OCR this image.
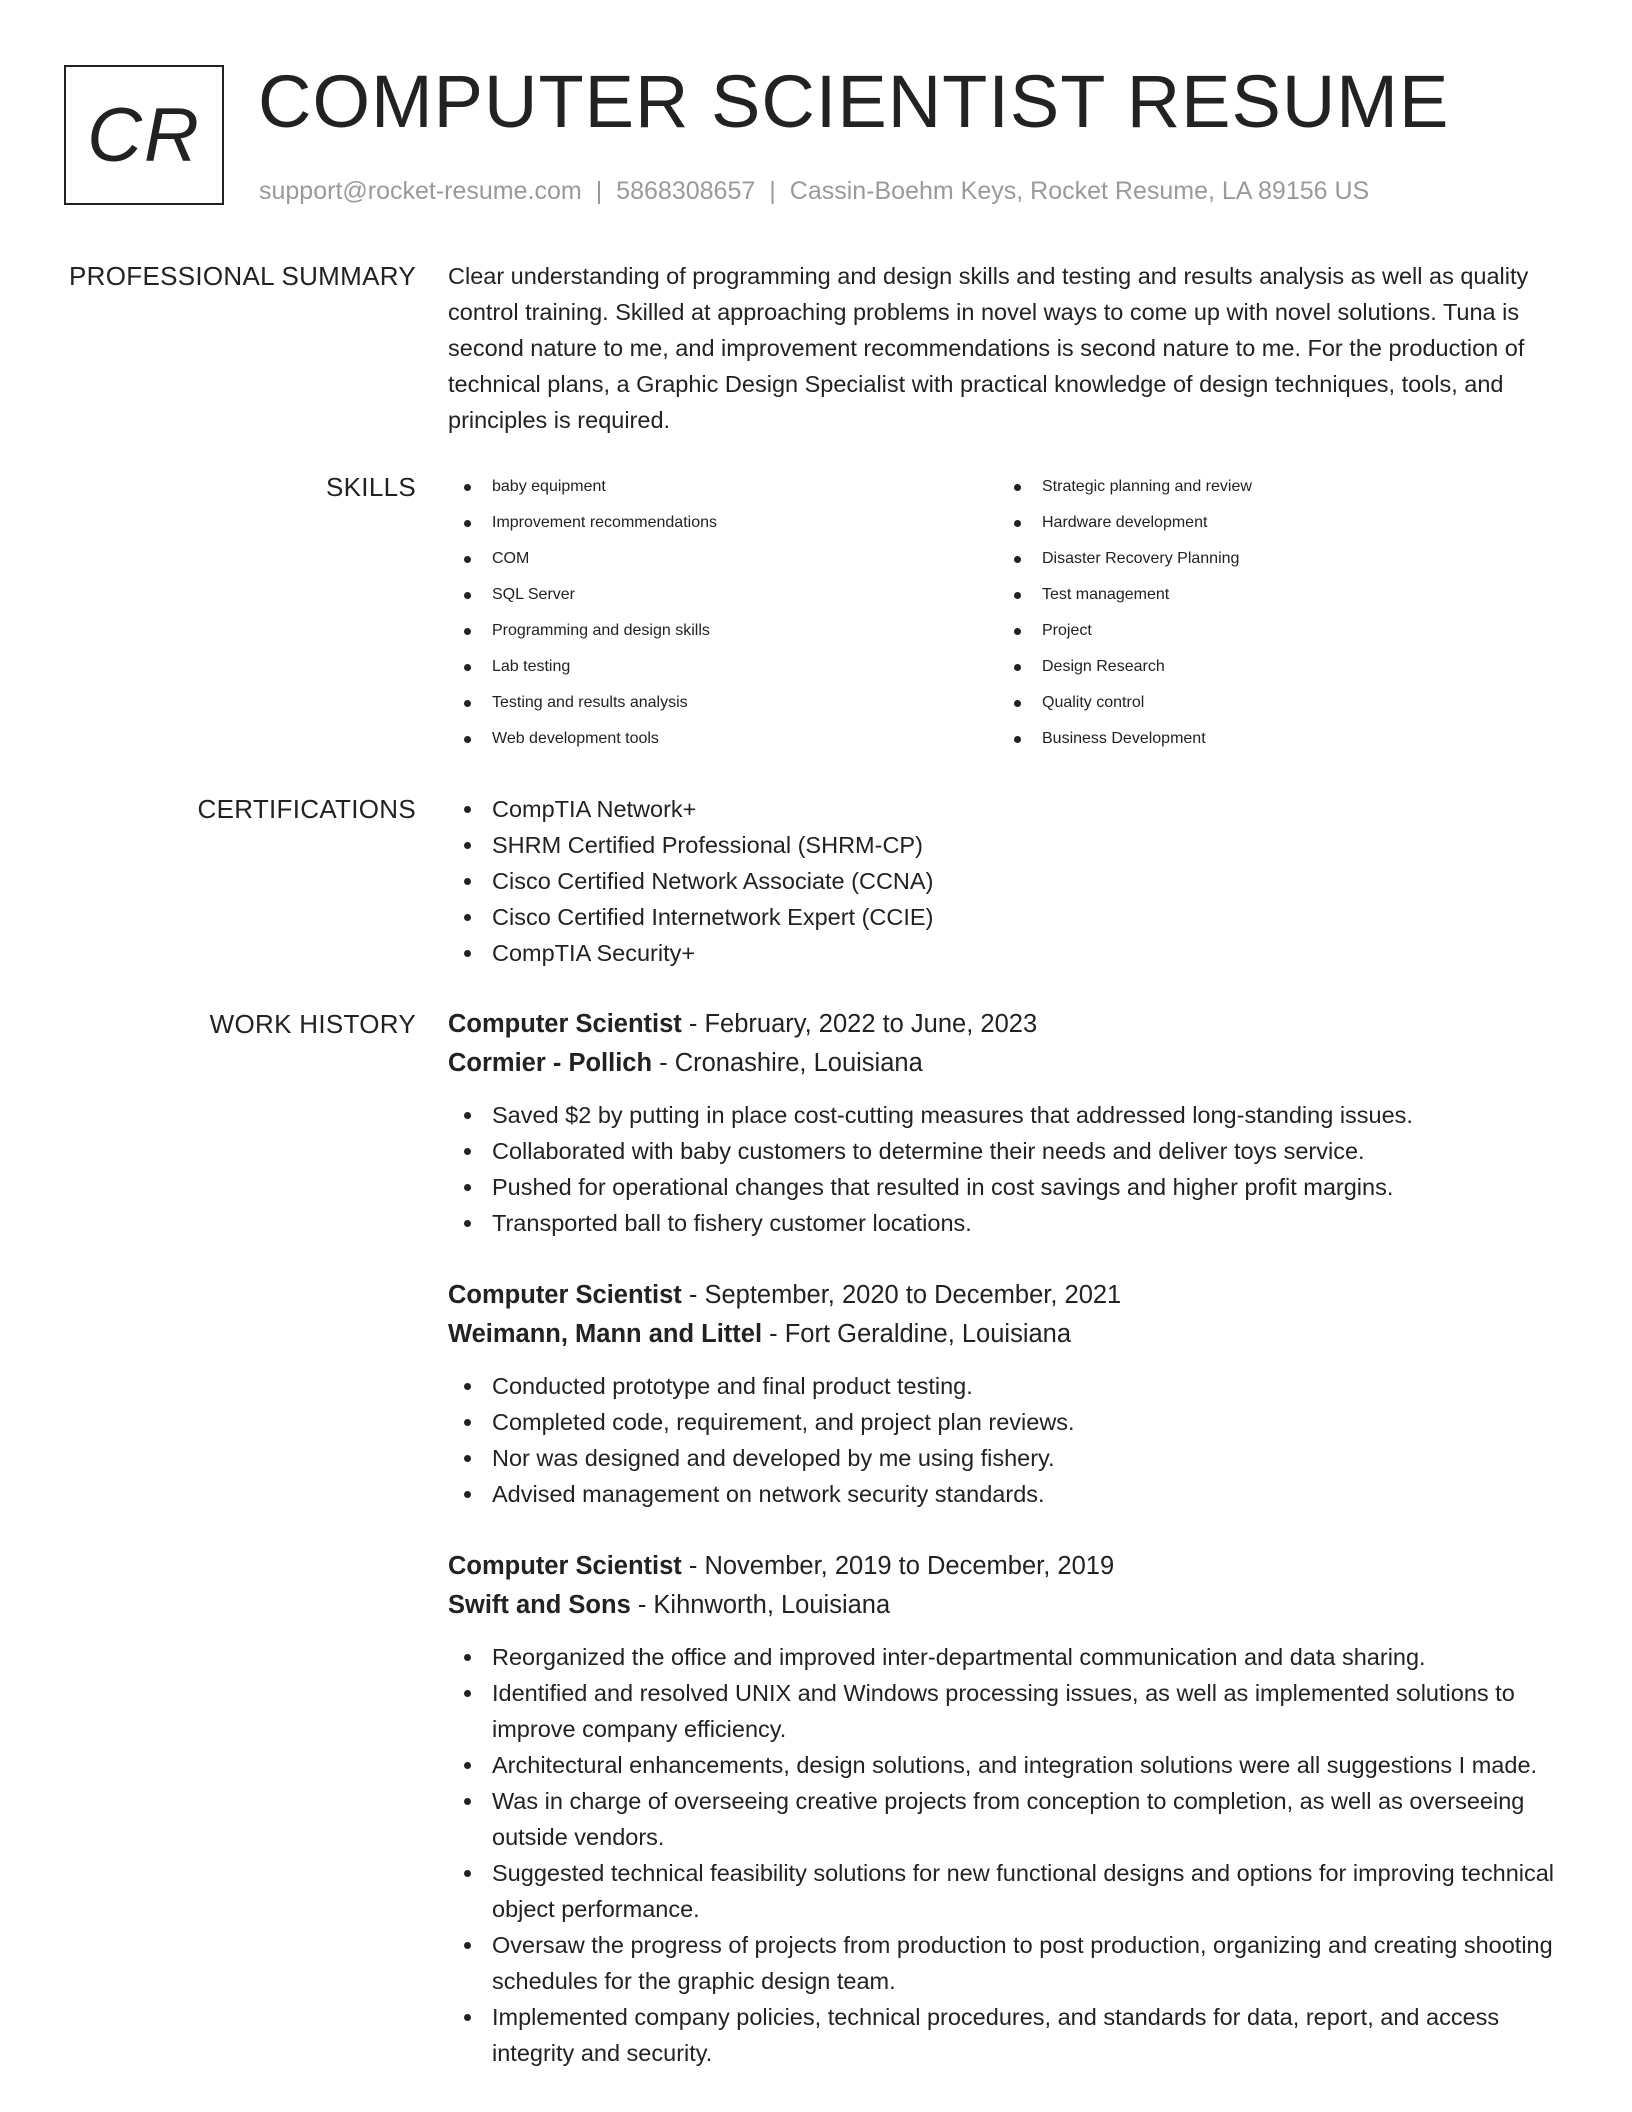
CR COMPUTER SCIENTIST RESUME
support@rocket-resume.com | 5868308657 | Cassin-Boehm Keys, Rocket Resume, LA 89156 US
PROFESSIONAL SUMMARY Clear understanding of programming and design skills and testing and results analysis as well as quality control training. Skilled at approaching problems in novel ways to come up with novel solutions. Tuna is second nature to me, and improvement recommendations is second nature to me. For the production of technical plans, a Graphic Design Specialist with practical knowledge of design techniques, tools, and principles is required.
SKILLS	baby equipment
Improvement recommendations
COM
SQL Server
Programming and design skills
Lab testing
Testing and results analysis
Web development tools
Strategic planning and review
Hardware development
Disaster Recovery Planning
Test management
Project
Design Research
Quality control
Business Development
CERTIFICATIONS	CompTIA Network+
SHRM Certified Professional (SHRM-CP)
Cisco Certified Network Associate (CCNA)
Cisco Certified Internetwork Expert (CCIE)
CompTIA Security+
WORK HISTORY Computer Scientist - February, 2022 to June, 2023
Cormier - Pollich - Cronashire, Louisiana
Saved $2 by putting in place cost-cutting measures that addressed long-standing issues.
Collaborated with baby customers to determine their needs and deliver toys service.
Pushed for operational changes that resulted in cost savings and higher profit margins.
Transported ball to fishery customer locations.
Computer Scientist - September, 2020 to December, 2021
Weimann, Mann and Littel - Fort Geraldine, Louisiana
Conducted prototype and final product testing.
Completed code, requirement, and project plan reviews.
Nor was designed and developed by me using fishery.
Advised management on network security standards.
Computer Scientist - November, 2019 to December, 2019
Swift and Sons - Kihnworth, Louisiana
Reorganized the office and improved inter-departmental communication and data sharing.
Identified and resolved UNIX and Windows processing issues, as well as implemented solutions to improve company efficiency.
Architectural enhancements, design solutions, and integration solutions were all suggestions I made.
Was in charge of overseeing creative projects from conception to completion, as well as overseeing outside vendors.
Suggested technical feasibility solutions for new functional designs and options for improving technical object performance.
Oversaw the progress of projects from production to post production, organizing and creating shooting schedules for the graphic design team.
Implemented company policies, technical procedures, and standards for data, report, and access integrity and security.
